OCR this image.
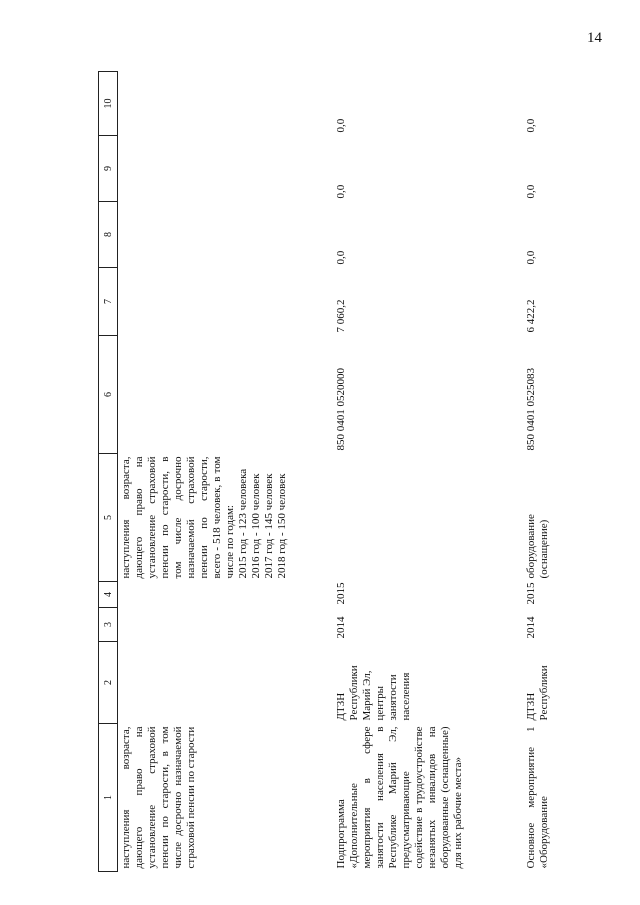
14
1	2	3	4	5	6	7	8	9	10
наступления возраста, дающего право на установление страховой пенсии по старости, в том числе досрочно назначаемой страховой пенсии по старости				наступления возраста, дающего право на установление страховой пенсии по старости, в том числе досрочно назначаемой страховой пенсии по старости, всего - 518 человек, в том числе по годам: 2015 год - 123 человека 2016 год - 100 человек 2017 год - 145 человек 2018 год - 150 человек					

Подпрограмма «Дополнительные мероприятия в сфере занятости населения в Республике Марий Эл, предусматривающие содействие в трудоустройстве незанятых инвалидов на оборудованные (оснащенные) для них рабочие места»	ДТЗН Республики Марий Эл, центры занятости населения	2014	2015		850 0401 0520000	7 060,2	0,0	0,0	0,0
Основное мероприятие 1 «Оборудование	ДТЗН Республики	2014	2015	оборудование (оснащение)	850 0401 0525083	6 422,2	0,0	0,0	0,0
